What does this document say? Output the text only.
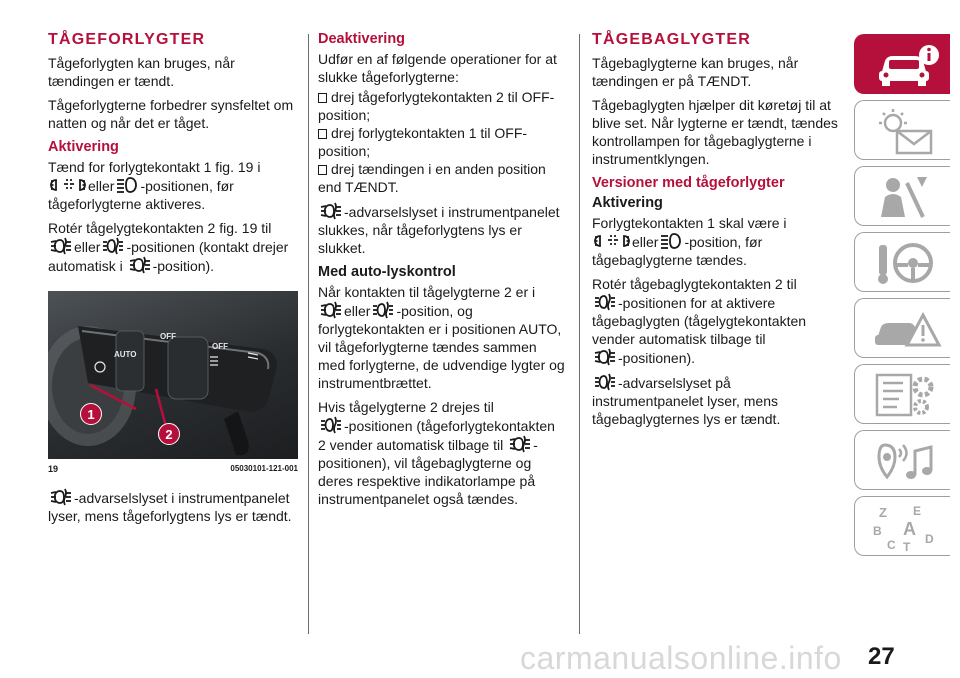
TÅGEFORLYGTER

Tågeforlygten kan bruges, når tændingen er tændt.

Tågeforlygterne forbedrer synsfeltet om natten og når det er tåget.

Aktivering

Tænd for forlygtekontakt 1 fig. 19 i
eller -positionen, før tågeforlygterne aktiveres.

Rotér tågelygtekontakten 2 fig. 19 til
eller -positionen (kontakt drejer automatisk i -position).

OFF
OFF
AUTO
1
2
19	05030101-121-001

-advarselslyset i instrumentpanelet lyser, mens tågeforlygtens lys er tændt.

Deaktivering

Udfør en af følgende operationer for at slukke tågeforlygterne:

drej tågeforlygtekontakten 2 til OFF-position;
drej forlygtekontakten 1 til OFF-position;
drej tændingen i en anden position end TÆNDT.

-advarselslyset i instrumentpanelet slukkes, når tågeforlygtens lys er slukket.

Med auto-lyskontrol

Når kontakten til tågelygterne 2 er i
eller -position, og forlygtekontakten er i positionen AUTO, vil tågeforlygterne tændes sammen med forlygterne, de udvendige lygter og instrumentbrættet.

Hvis tågelygterne 2 drejes til
-positionen (tågeforlygtekontakten 2 vender automatisk tilbage til -positionen), vil tågebaglygterne og deres respektive indikatorlampe på instrumentpanelet også tændes.

TÅGEBAGLYGTER

Tågebaglygterne kan bruges, når tændingen er på TÆNDT.

Tågebaglygten hjælper dit køretøj til at blive set. Når lygterne er tændt, tændes kontrollampen for tågebaglygterne i instrumentklyngen.

Versioner med tågeforlygter
Aktivering

Forlygtekontakten 1 skal være i
eller -position, før tågebaglygterne tændes.

Rotér tågebaglygtekontakten 2 til
-positionen for at aktivere tågebaglygten (tågelygtekontakten vender automatisk tilbage til
-positionen).

-advarselslyset på instrumentpanelet lyser, mens tågebaglygternes lys er tændt.

Z E
B A D
C T
carmanualsonline.info 27
